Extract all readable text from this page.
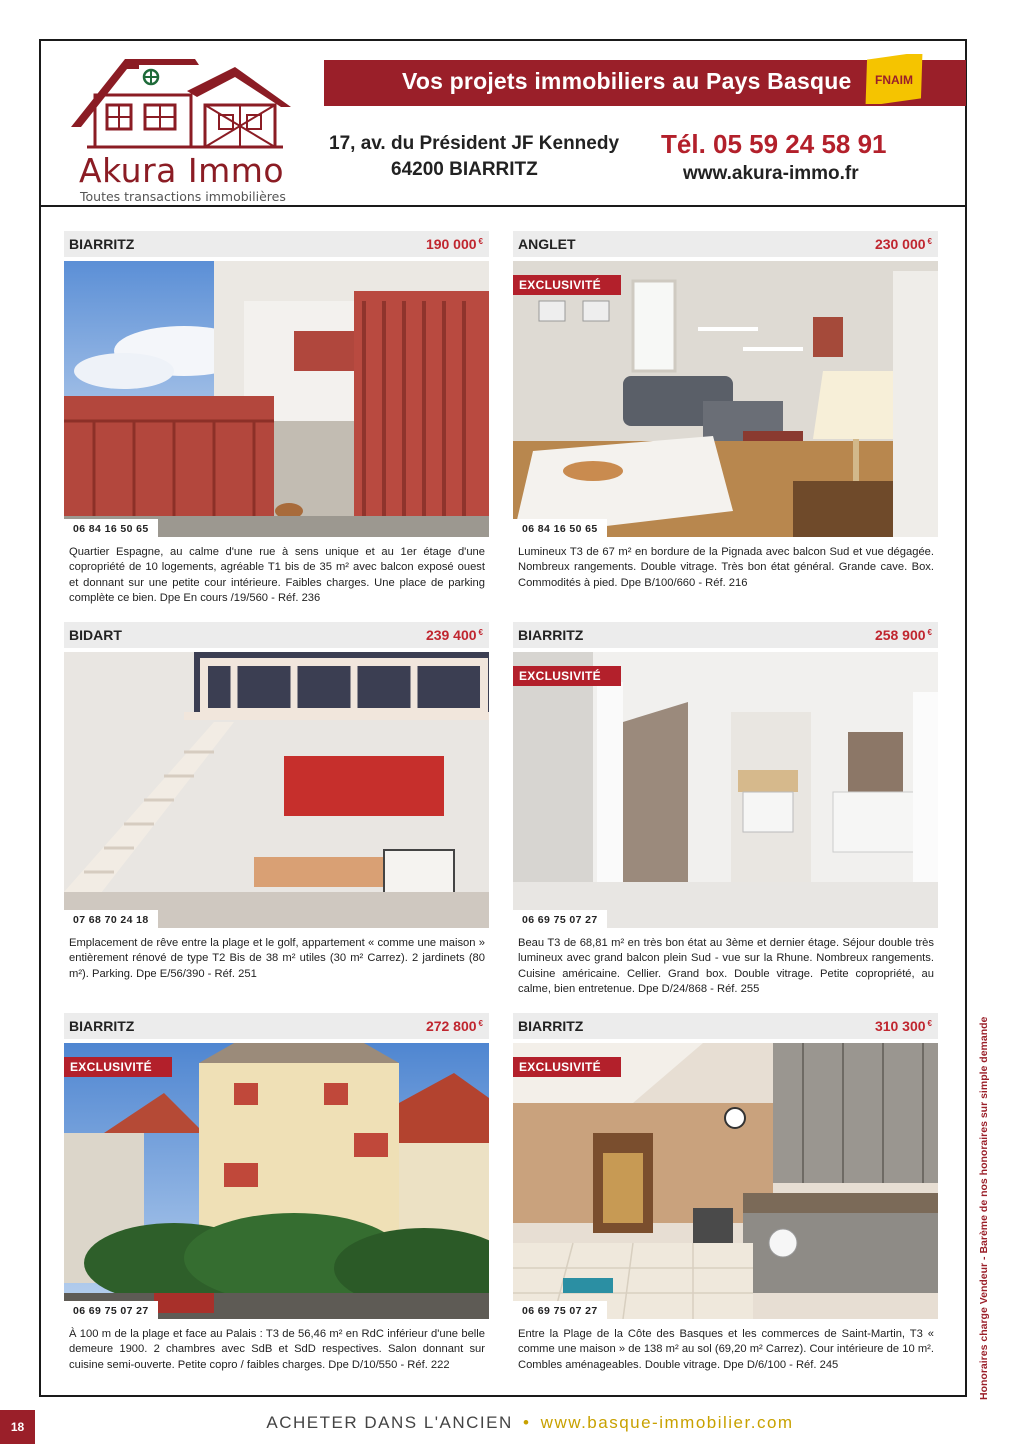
Akura Immo
Toutes transactions immobilières
Vos projets immobiliers au Pays Basque FNAIM
17, av. du Président JF Kennedy
64200 BIARRITZ
Tél. 05 59 24 58 91
www.akura-immo.fr
BIARRITZ	190 000 €
06 84 16 50 65
Quartier Espagne, au calme d'une rue à sens unique et au 1er étage d'une copropriété de 10 logements, agréable T1 bis de 35 m² avec balcon exposé ouest et donnant sur une petite cour intérieure. Faibles charges. Une place de parking complète ce bien. Dpe En cours /19/560 - Réf. 236
ANGLET	230 000 €
EXCLUSIVITÉ
06 84 16 50 65
Lumineux T3 de 67 m² en bordure de la Pignada avec balcon Sud et vue dégagée. Nombreux rangements. Double vitrage. Très bon état général. Grande cave. Box. Commodités à pied. Dpe B/100/660 - Réf. 216
BIDART	239 400 €
07 68 70 24 18
Emplacement de rêve entre la plage et le golf, appartement « comme une maison » entièrement rénové de type T2 Bis de 38 m² utiles (30 m² Carrez). 2 jardinets (80 m²). Parking. Dpe E/56/390 - Réf. 251
BIARRITZ	258 900 €
EXCLUSIVITÉ
06 69 75 07 27
Beau T3 de 68,81 m² en très bon état au 3ème et dernier étage. Séjour double très lumineux avec grand balcon plein Sud - vue sur la Rhune. Nombreux rangements. Cuisine américaine. Cellier. Grand box. Double vitrage. Petite copropriété, au calme, bien entretenue. Dpe D/24/868 - Réf. 255
BIARRITZ	272 800 €
EXCLUSIVITÉ
06 69 75 07 27
À 100 m de la plage et face au Palais : T3 de 56,46 m² en RdC inférieur d'une belle demeure 1900. 2 chambres avec SdB et SdD respectives. Salon donnant sur cuisine semi-ouverte. Petite copro / faibles charges. Dpe D/10/550 - Réf. 222
BIARRITZ	310 300 €
EXCLUSIVITÉ
06 69 75 07 27
Entre la Plage de la Côte des Basques et les commerces de Saint-Martin, T3 « comme une maison » de 138 m² au sol (69,20 m² Carrez). Cour intérieure de 10 m². Combles aménageables. Double vitrage. Dpe D/6/100 - Réf. 245	Honoraires charge Vendeur - Barème de nos honoraires sur simple demande
18	ACHETER DANS L'ANCIEN • www.basque-immobilier.com
